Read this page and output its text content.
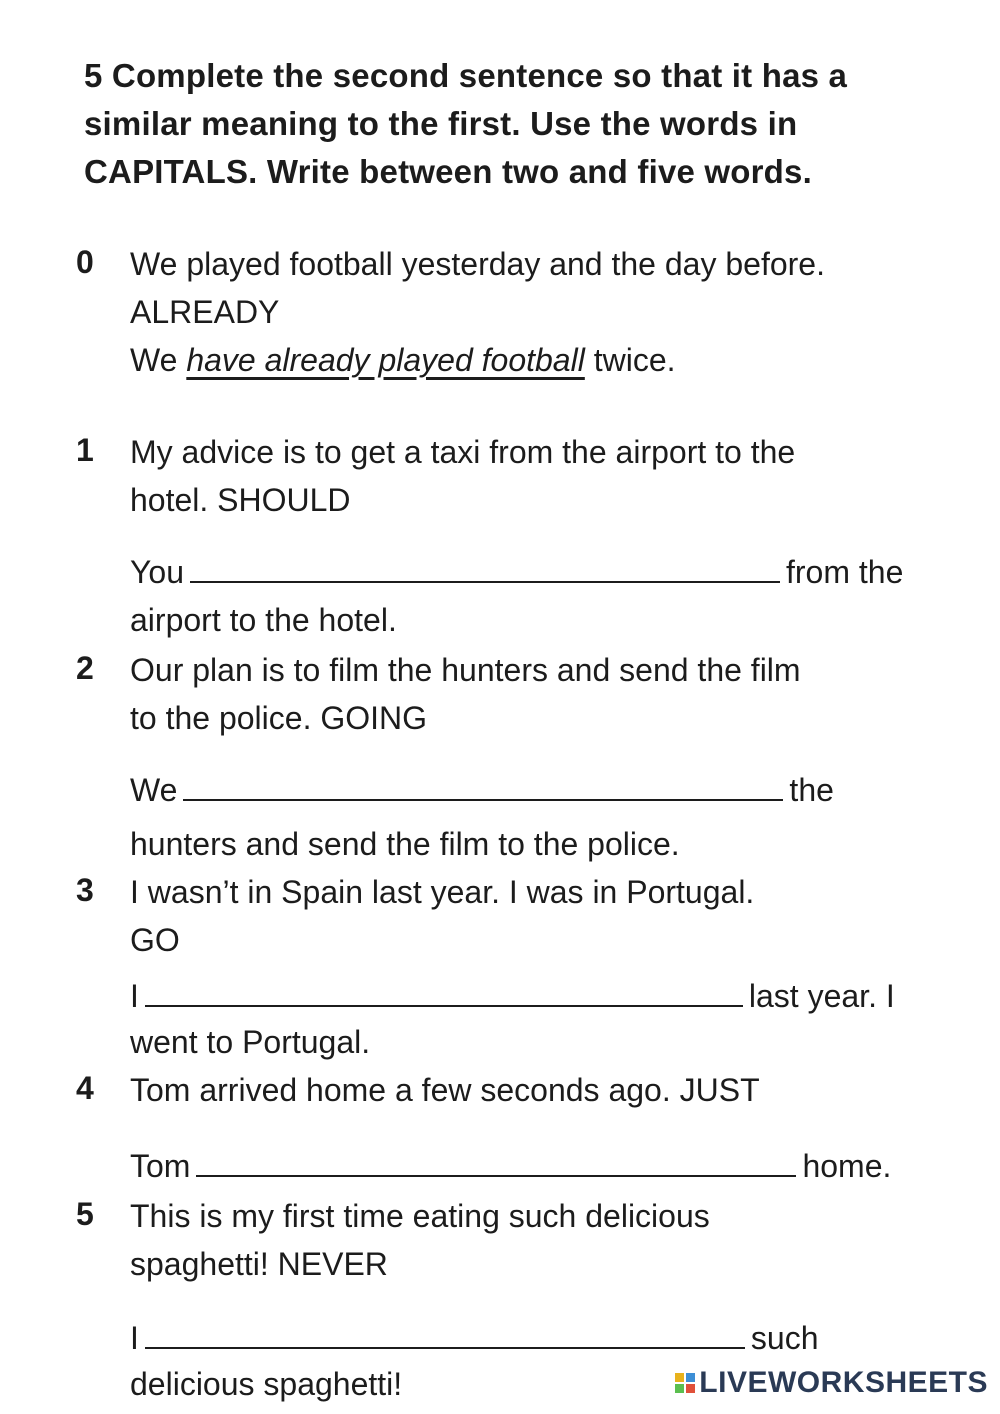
5 Complete the second sentence so that it has a
similar meaning to the first. Use the words in
CAPITALS. Write between two and five words.
0	We played football yesterday and the day before.
ALREADY
We have already played football twice.
1	My advice is to get a taxi from the airport to the
hotel. SHOULD
You	from the
airport to the hotel.
2	Our plan is to film the hunters and send the film
to the police. GOING
We	the
hunters and send the film to the police.
3	I wasn’t in Spain last year. I was in Portugal.
GO
I	last year. I
went to Portugal.
4	Tom arrived home a few seconds ago. JUST
Tom	home.
5	This is my first time eating such delicious
spaghetti! NEVER
I	such
delicious spaghetti!	LIVEWORKSHEETS
